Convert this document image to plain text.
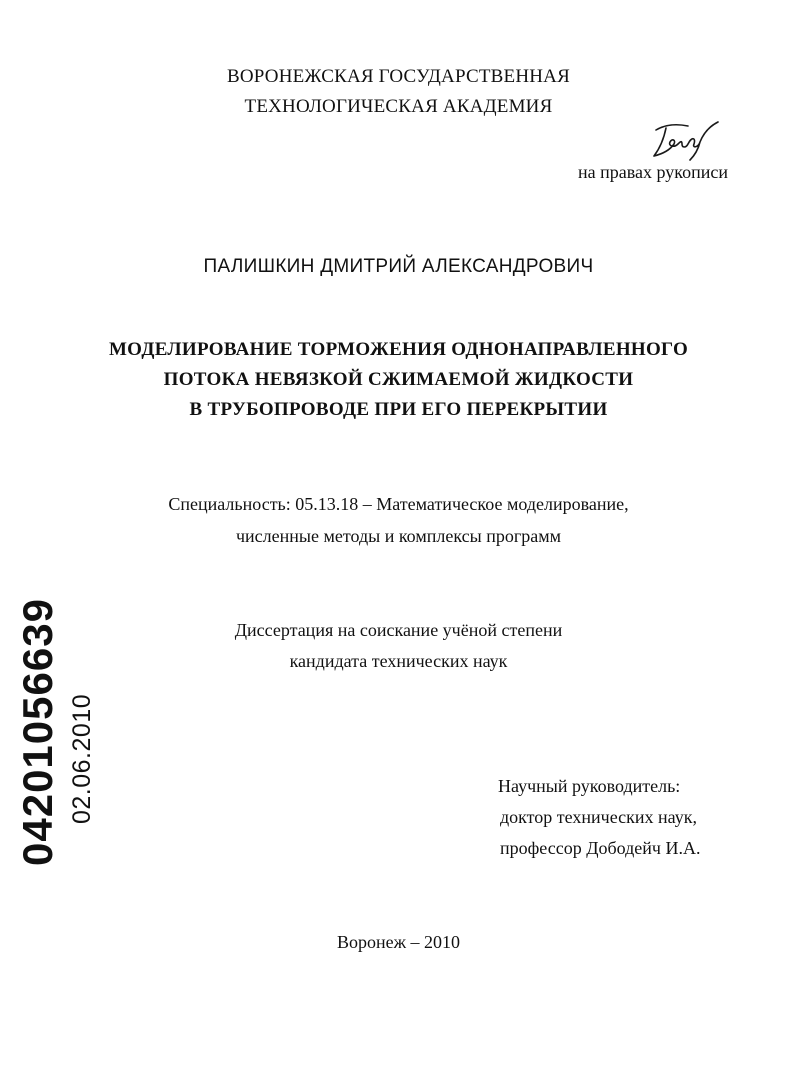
ВОРОНЕЖСКАЯ ГОСУДАРСТВЕННАЯ
ТЕХНОЛОГИЧЕСКАЯ АКАДЕМИЯ
на правах рукописи
ПАЛИШКИН ДМИТРИЙ АЛЕКСАНДРОВИЧ
МОДЕЛИРОВАНИЕ ТОРМОЖЕНИЯ ОДНОНАПРАВЛЕННОГО
ПОТОКА НЕВЯЗКОЙ СЖИМАЕМОЙ ЖИДКОСТИ
В ТРУБОПРОВОДЕ ПРИ ЕГО ПЕРЕКРЫТИИ
Специальность: 05.13.18 – Математическое моделирование,
численные методы и комплексы программ
Диссертация на соискание учёной степени
кандидата технических наук
Научный руководитель:
доктор технических наук,
профессор Дободейч И.А.
Воронеж – 2010
04201056639 02.06.2010
